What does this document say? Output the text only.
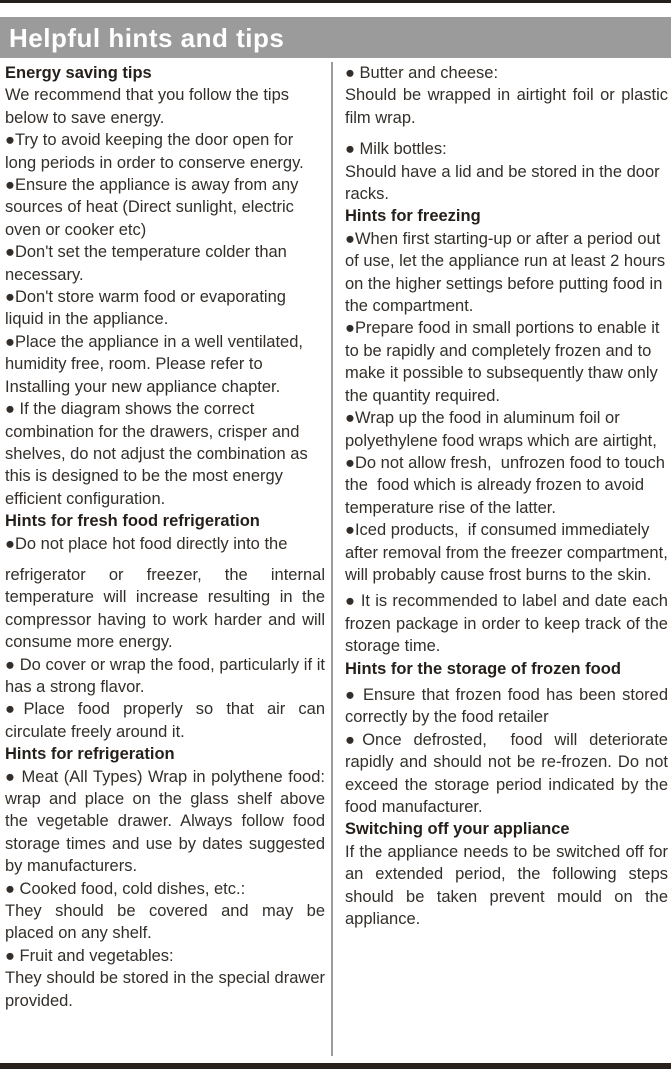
Helpful hints and tips
Energy saving tips

We recommend that you follow the tips below to save energy.

●Try to avoid keeping the door open for long periods in order to conserve energy.

●Ensure the appliance is away from any sources of heat (Direct sunlight, electric oven or cooker etc)

●Don't set the temperature colder than necessary.

●Don't store warm food or evaporating liquid in the appliance.

●Place the appliance in a well ventilated, humidity free, room. Please refer to Installing your new appliance chapter.

● If the diagram shows the correct combination for the drawers, crisper and shelves, do not adjust the combination as this is designed to be the most energy efficient configuration.

Hints for fresh food refrigeration

●Do not place hot food directly into the

refrigerator or freezer, the internal temperature will increase resulting in the compressor having to work harder and will consume more energy.

● Do cover or wrap the food, particularly if it has a strong flavor.

●Place food properly so that air can circulate freely around it.

Hints for refrigeration

● Meat (All Types) Wrap in polythene food: wrap and place on the glass shelf above the vegetable drawer. Always follow food storage times and use by dates suggested by manufacturers.

● Cooked food, cold dishes, etc.:

They should be covered and may be placed on any shelf.

● Fruit and vegetables:

They should be stored in the special drawer provided.

● Butter and cheese:

Should be wrapped in airtight foil or plastic film wrap.

● Milk bottles:

Should have a lid and be stored in the door racks.

Hints for freezing

●When first starting-up or after a period out of use, let the appliance run at least 2 hours on the higher settings before putting food in the compartment.

●Prepare food in small portions to enable it to be rapidly and completely frozen and to make it possible to subsequently thaw only the quantity required.

●Wrap up the food in aluminum foil or polyethylene food wraps which are airtight,

●Do not allow fresh,  unfrozen food to touch the  food which is already frozen to avoid temperature rise of the latter.

●Iced products,  if consumed immediately after removal from the freezer compartment, will probably cause frost burns to the skin.

● It is recommended to label and date each frozen package in order to keep track of the storage time.

Hints for the storage of frozen food

● Ensure that frozen food has been stored correctly by the food retailer

●Once defrosted,  food will deteriorate rapidly and should not be re-frozen. Do not exceed the storage period indicated by the food manufacturer.

Switching off your appliance

If the appliance needs to be switched off for an extended period, the following steps should be taken prevent mould on the appliance.
